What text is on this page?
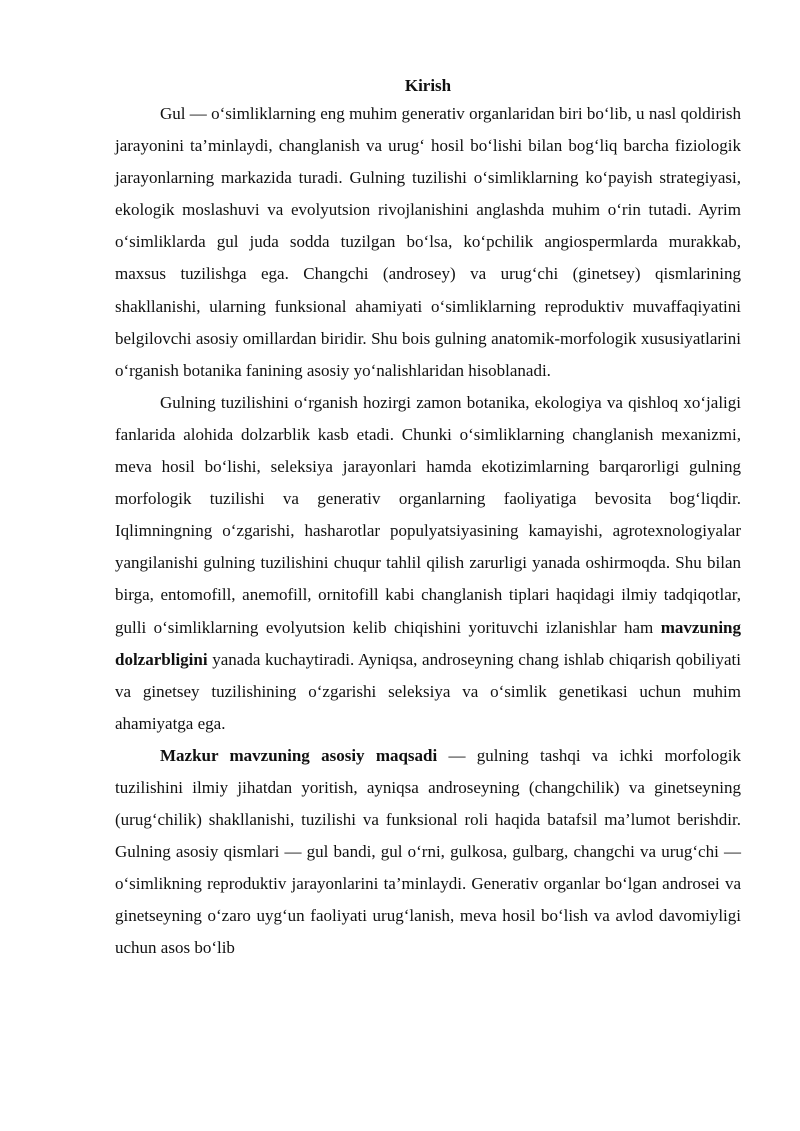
Kirish

Gul — o‘simliklarning eng muhim generativ organlaridan biri bo‘lib, u nasl qoldirish jarayonini ta’minlaydi, changlanish va urug‘ hosil bo‘lishi bilan bog‘liq barcha fiziologik jarayonlarning markazida turadi. Gulning tuzilishi o‘simliklarning ko‘payish strategiyasi, ekologik moslashuvi va evolyutsion rivojlanishini anglashda muhim o‘rin tutadi. Ayrim o‘simliklarda gul juda sodda tuzilgan bo‘lsa, ko‘pchilik angiospermlarda murakkab, maxsus tuzilishga ega. Changchi (androsey) va urug‘chi (ginetsey) qismlarining shakllanishi, ularning funksional ahamiyati o‘simliklarning reproduktiv muvaffaqiyatini belgilovchi asosiy omillardan biridir. Shu bois gulning anatomik-morfologik xususiyatlarini o‘rganish botanika fanining asosiy yo‘nalishlaridan hisoblanadi.

Gulning tuzilishini o‘rganish hozirgi zamon botanika, ekologiya va qishloq xo‘jaligi fanlarida alohida dolzarblik kasb etadi. Chunki o‘simliklarning changlanish mexanizmi, meva hosil bo‘lishi, seleksiya jarayonlari hamda ekotizimlarning barqarorligi gulning morfologik tuzilishi va generativ organlarning faoliyatiga bevosita bog‘liqdir. Iqlimningning o‘zgarishi, hasharotlar populyatsiyasining kamayishi, agrotexnologiyalar yangilanishi gulning tuzilishini chuqur tahlil qilish zarurligi yanada oshirmoqda. Shu bilan birga, entomofill, anemofill, ornitofill kabi changlanish tiplari haqidagi ilmiy tadqiqotlar, gulli o‘simliklarning evolyutsion kelib chiqishini yorituvchi izlanishlar ham mavzuning dolzarbligini yanada kuchaytiradi. Ayniqsa, androseyning chang ishlab chiqarish qobiliyati va ginetsey tuzilishining o‘zgarishi seleksiya va o‘simlik genetikasi uchun muhim ahamiyatga ega.

Mazkur mavzuning asosiy maqsadi — gulning tashqi va ichki morfologik tuzilishini ilmiy jihatdan yoritish, ayniqsa androseyning (changchilik) va ginetseyning (urug‘chilik) shakllanishi, tuzilishi va funksional roli haqida batafsil ma’lumot berishdir. Gulning asosiy qismlari — gul bandi, gul o‘rni, gulkosa, gulbarg, changchi va urug‘chi — o‘simlikning reproduktiv jarayonlarini ta’minlaydi. Generativ organlar bo‘lgan androsei va ginetseyning o‘zaro uyg‘un faoliyati urug‘lanish, meva hosil bo‘lish va avlod davomiyligi uchun asos bo‘lib
